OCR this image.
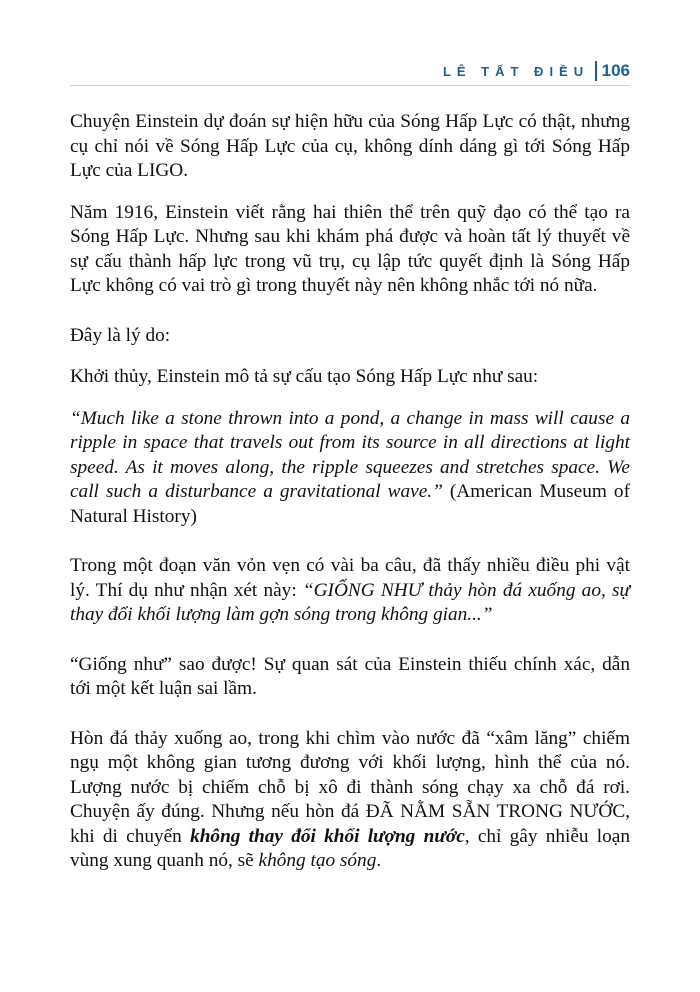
LÊ TẤT ĐIỀU 106

Chuyện Einstein dự đoán sự hiện hữu của Sóng Hấp Lực có thật, nhưng cụ chỉ nói về Sóng Hấp Lực của cụ, không dính dáng gì tới Sóng Hấp Lực của LIGO.

Năm 1916, Einstein viết rằng hai thiên thể trên quỹ đạo có thể tạo ra Sóng Hấp Lực. Nhưng sau khi khám phá được và hoàn tất lý thuyết về sự cấu thành hấp lực trong vũ trụ, cụ lập tức quyết định là Sóng Hấp Lực không có vai trò gì trong thuyết này nên không nhắc tới nó nữa.

Đây là lý do:

Khởi thủy, Einstein mô tả sự cấu tạo Sóng Hấp Lực như sau:

“Much like a stone thrown into a pond, a change in mass will cause a ripple in space that travels out from its source in all directions at light speed. As it moves along, the ripple squeezes and stretches space. We call such a disturbance a gravitational wave.” (American Museum of Natural History)

Trong một đoạn văn vỏn vẹn có vài ba câu, đã thấy nhiều điều phi vật lý. Thí dụ như nhận xét này: “GIỐNG NHƯ thảy hòn đá xuống ao, sự thay đổi khối lượng làm gợn sóng trong không gian...”

“Giống như” sao được! Sự quan sát của Einstein thiếu chính xác, dẫn tới một kết luận sai lầm.

Hòn đá thảy xuống ao, trong khi chìm vào nước đã “xâm lăng” chiếm ngụ một không gian tương đương với khối lượng, hình thể của nó. Lượng nước bị chiếm chỗ bị xô đi thành sóng chạy xa chỗ đá rơi. Chuyện ấy đúng. Nhưng nếu hòn đá ĐÃ NẰM SẴN TRONG NƯỚC, khi di chuyển không thay đổi khối lượng nước, chỉ gây nhiễu loạn vùng xung quanh nó, sẽ không tạo sóng.
